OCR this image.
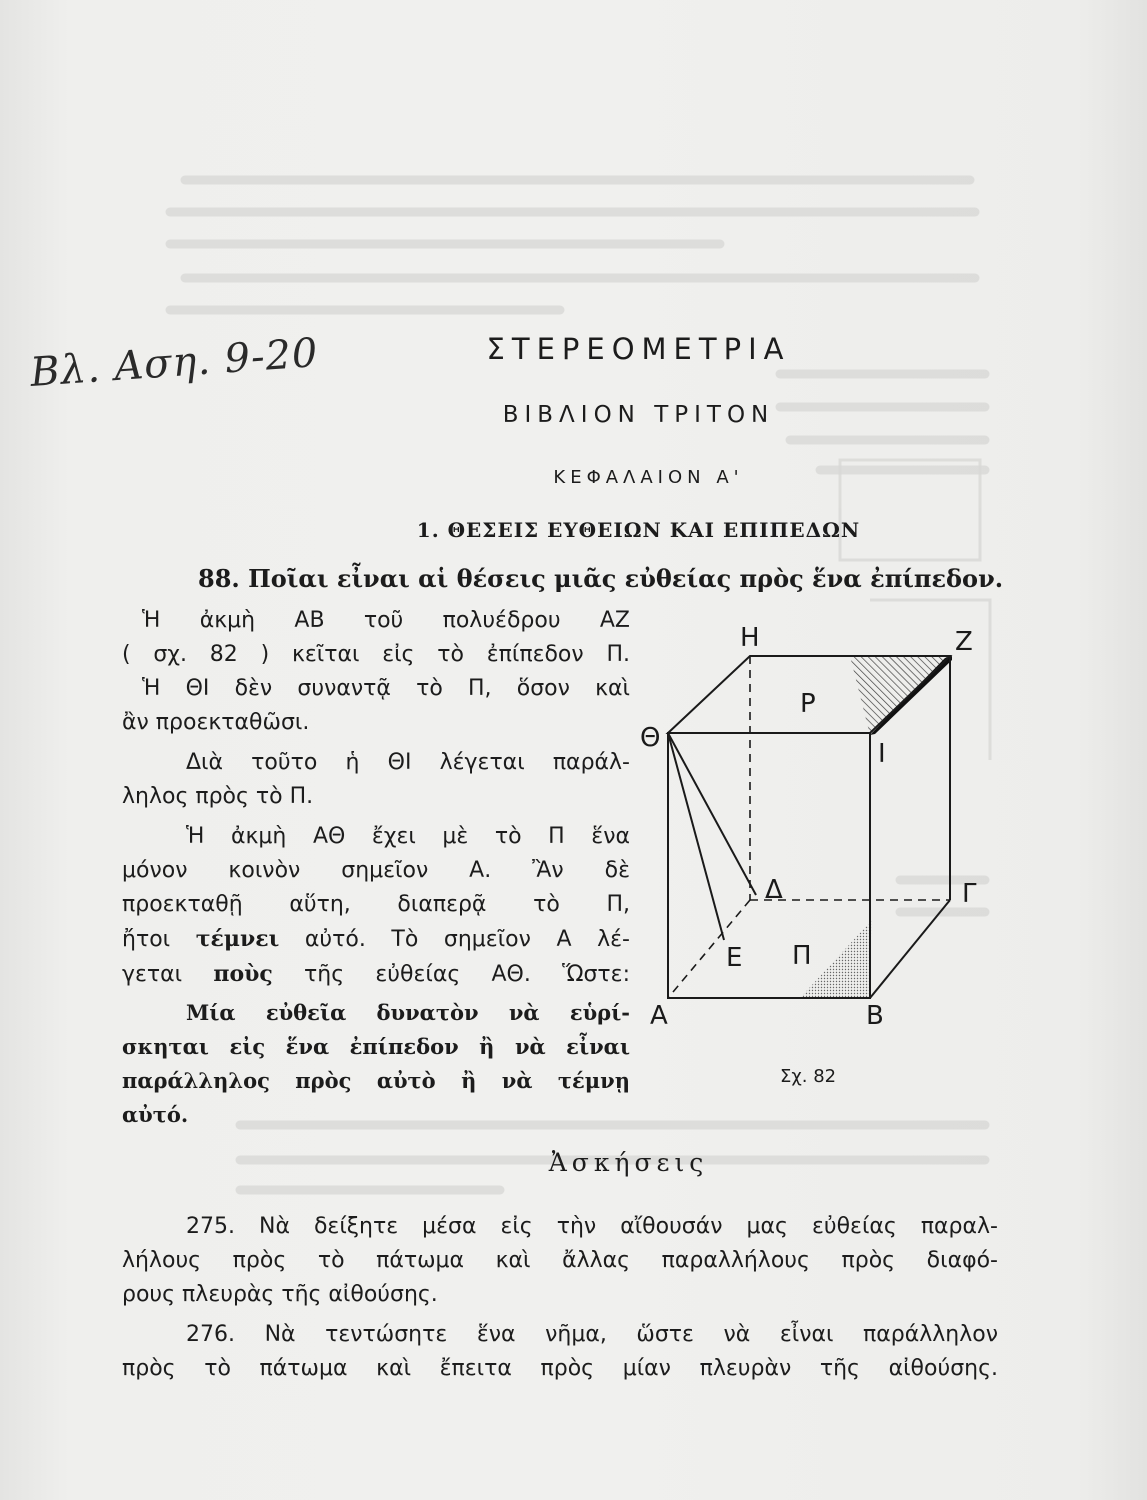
Βλ. Αση. 9-20	ΣΤΕΡΕΟΜΕΤΡΙΑ
ΒΙΒΛΙΟΝ ΤΡΙΤΟΝ
ΚΕΦΑΛΑΙΟΝ Α'
1. ΘΕΣΕΙΣ ΕΥΘΕΙΩΝ ΚΑΙ ΕΠΙΠΕΔΩΝ
88. Ποῖαι εἶναι αἱ θέσεις μιᾶς εὐθείας πρὸς ἕνα ἐπίπεδον.
Ἡ ἀκμὴ ΑΒ τοῦ πολυέδρου ΑΖ
( σχ. 82 ) κεῖται εἰς τὸ ἐπίπεδον Π.
Ἡ ΘΙ δὲν συναντᾷ τὸ Π, ὅσον καὶ
ἂν προεκταθῶσι.
Διὰ τοῦτο ἡ ΘΙ λέγεται παράλ-
ληλος πρὸς τὸ Π.
Ἡ ἀκμὴ ΑΘ ἔχει μὲ τὸ Π ἕνα
μόνον κοινὸν σημεῖον Α. Ἂν δὲ
προεκταθῇ αὕτη, διαπερᾷ τὸ Π,
ἤτοι τέμνει αὐτό. Τὸ σημεῖον Α λέ-
γεται ποὺς τῆς εὐθείας ΑΘ. Ὥστε:
Μία εὐθεῖα δυνατὸν νὰ εὑρί-
σκηται εἰς ἕνα ἐπίπεδον ἢ νὰ εἶναι
παράλληλος πρὸς αὐτὸ ἢ νὰ τέμνῃ
αὐτό.
Η	Ζ
Ρ
Θ
Ι
Δ	Γ
Ε Π
Α	Β
Σχ. 82
Ἀσκήσεις
275. Νὰ δείξητε μέσα εἰς τὴν αἴθουσάν μας εὐθείας παραλ-
λήλους πρὸς τὸ πάτωμα καὶ ἄλλας παραλλήλους πρὸς διαφό-
ρους πλευρὰς τῆς αἰθούσης.
276. Νὰ τεντώσητε ἕνα νῆμα, ὥστε νὰ εἶναι παράλληλον
πρὸς τὸ πάτωμα καὶ ἔπειτα πρὸς μίαν πλευρὰν τῆς αἰθούσης.
